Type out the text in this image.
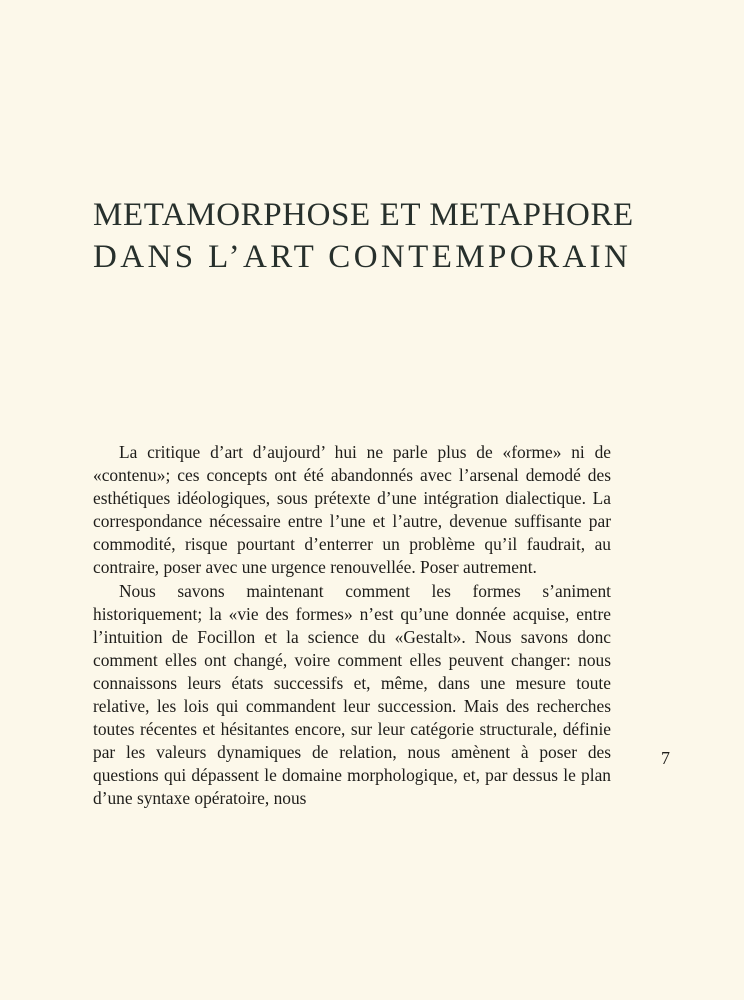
METAMORPHOSE ET METAPHORE
DANS L’ART CONTEMPORAIN

La critique d’art d’aujourd’ hui ne parle plus de «forme» ni de «contenu»; ces concepts ont été abandonnés avec l’arsenal demodé des esthétiques idéologiques, sous prétexte d’une intégration dialectique. La correspondance nécessaire entre l’une et l’autre, devenue suffisante par commodité, risque pourtant d’enterrer un problème qu’il faudrait, au contraire, poser avec une urgence renouvellée. Poser autrement.

Nous savons maintenant comment les formes s’animent historiquement; la «vie des formes» n’est qu’une donnée acquise, entre l’intuition de Focillon et la science du «Gestalt». Nous savons donc comment elles ont changé, voire comment elles peuvent changer: nous connaissons leurs états successifs et, même, dans une mesure toute relative, les lois qui commandent leur succession. Mais des recherches toutes récentes et hésitantes encore, sur leur catégorie structurale, définie par les valeurs dynamiques de relation, nous amènent à poser des questions qui dépassent le domaine morphologique, et, par dessus le plan d’une syntaxe opératoire, nous

7
